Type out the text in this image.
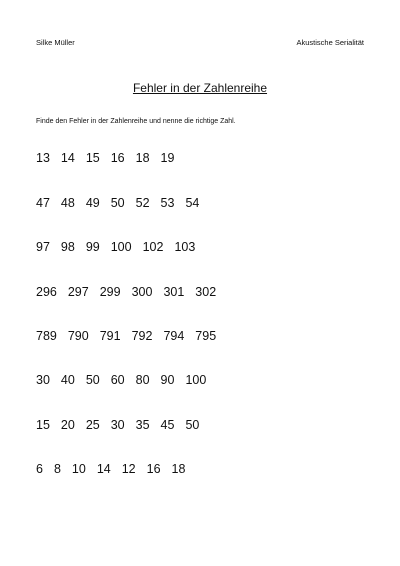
Silke Müller	Akustische Serialität
Fehler in der Zahlenreihe
Finde den Fehler in der Zahlenreihe und nenne die richtige Zahl.
13 14 15 16 18 19
47 48 49 50 52 53 54
97 98 99 100 102 103
296 297 299 300 301 302
789 790 791 792 794 795
30 40 50 60 80 90 100
15 20 25 30 35 45 50
6 8 10 14 12 16 18
